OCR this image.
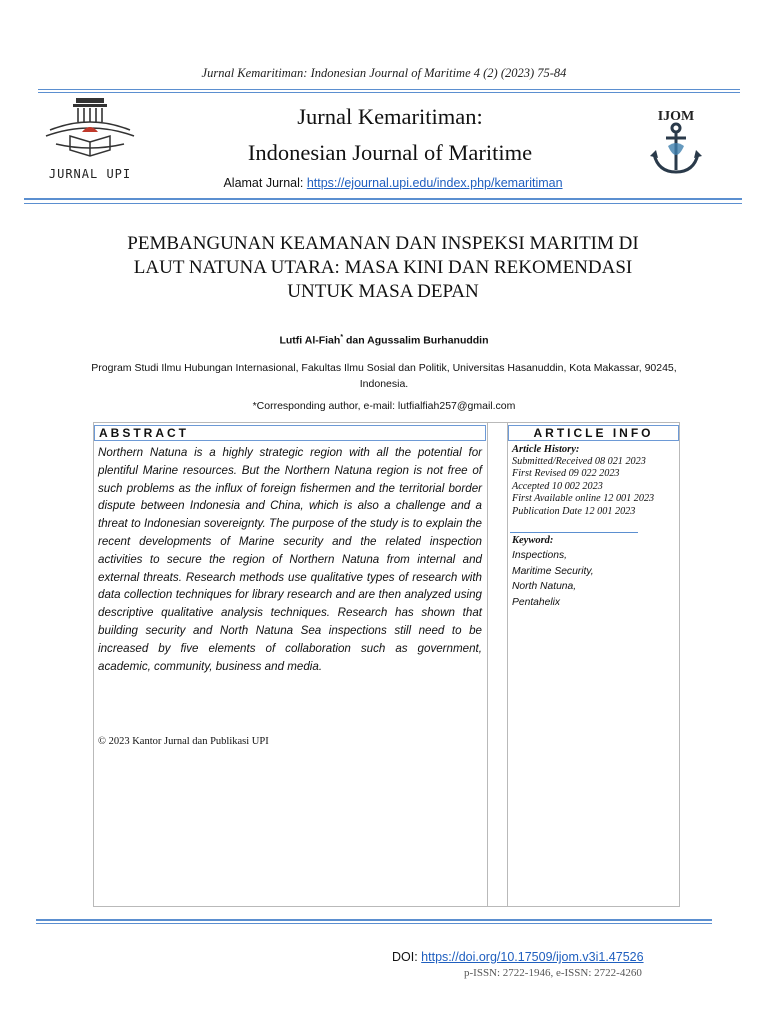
Jurnal Kemaritiman: Indonesian Journal of Maritime 4 (2) (2023) 75-84
JURNAL UPI
Jurnal Kemaritiman:
Indonesian Journal of Maritime
IJOM
Alamat Jurnal: https://ejournal.upi.edu/index.php/kemaritiman
PEMBANGUNAN KEAMANAN DAN INSPEKSI MARITIM DI
LAUT NATUNA UTARA: MASA KINI DAN REKOMENDASI
UNTUK MASA DEPAN
Lutfi Al-Fiah* dan Agussalim Burhanuddin
Program Studi Ilmu Hubungan Internasional, Fakultas Ilmu Sosial dan Politik, Universitas Hasanuddin, Kota Makassar, 90245, Indonesia.
*Corresponding author, e-mail: lutfialfiah257@gmail.com
ABSTRACT	ARTICLE INFO
Northern Natuna is a highly strategic region with all the potential for plentiful Marine resources. But the Northern Natuna region is not free of such problems as the influx of foreign fishermen and the territorial border dispute between Indonesia and China, which is also a challenge and a threat to Indonesian sovereignty. The purpose of the study is to explain the recent developments of Marine security and the related inspection activities to secure the region of Northern Natuna from internal and external threats. Research methods use qualitative types of research with data collection techniques for library research and are then analyzed using descriptive qualitative analysis techniques. Research has shown that building security and North Natuna Sea inspections still need to be increased by five elements of collaboration such as government, academic, community, business and media.
© 2023 Kantor Jurnal dan Publikasi UPI
Article History:
Submitted/Received 08 021 2023
First Revised 09 022 2023
Accepted 10 002 2023
First Available online 12 001 2023
Publication Date 12 001 2023
Keyword:
Inspections,
Maritime Security,
North Natuna,
Pentahelix
DOI: https://doi.org/10.17509/ijom.v3i1.47526
p-ISSN: 2722-1946, e-ISSN: 2722-4260
